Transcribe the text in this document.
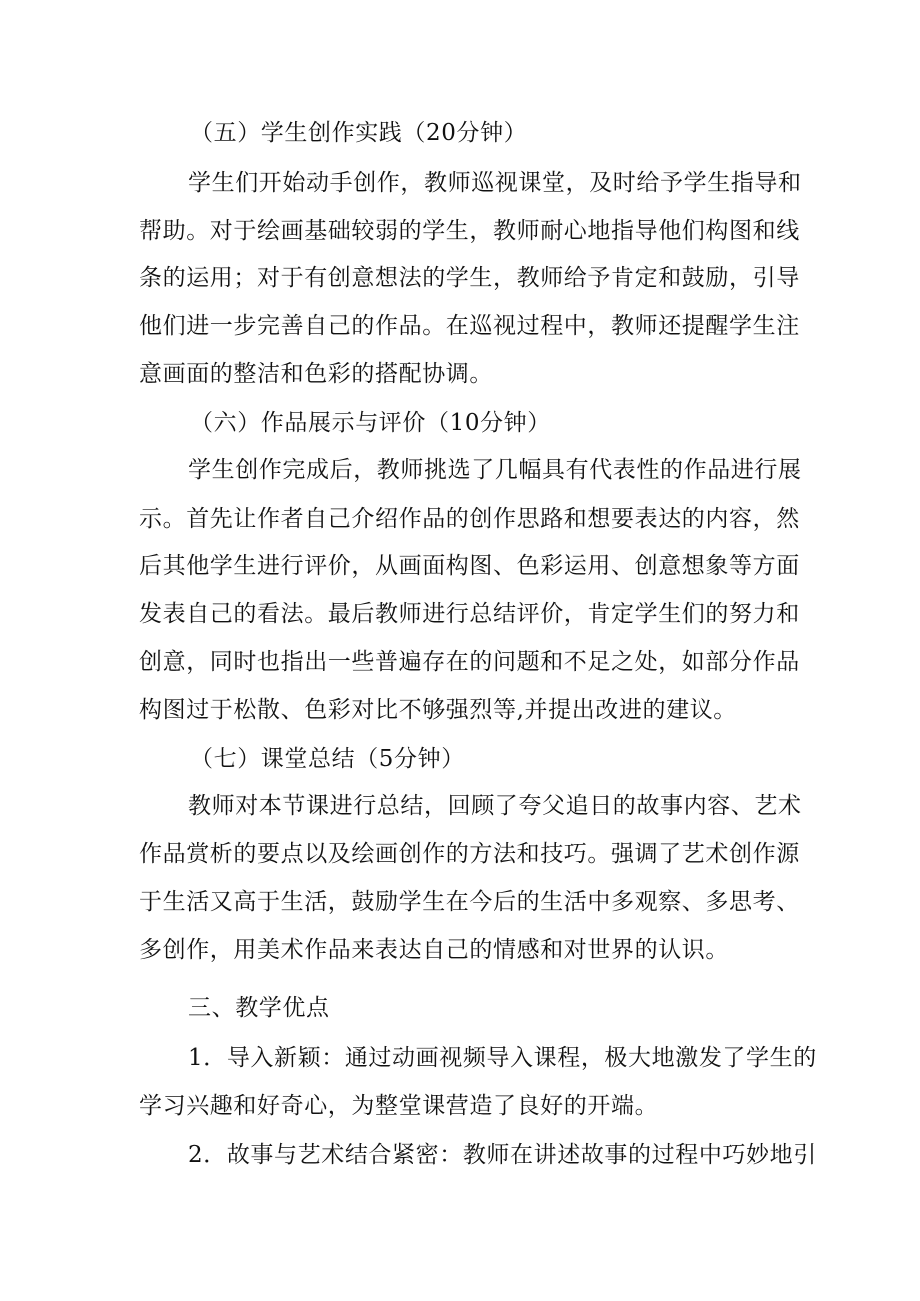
（五）学生创作实践（20分钟）
学生们开始动手创作，教师巡视课堂，及时给予学生指导和
帮助。对于绘画基础较弱的学生，教师耐心地指导他们构图和线
条的运用；对于有创意想法的学生，教师给予肯定和鼓励，引导
他们进一步完善自己的作品。在巡视过程中，教师还提醒学生注
意画面的整洁和色彩的搭配协调。
（六）作品展示与评价（10分钟）
学生创作完成后，教师挑选了几幅具有代表性的作品进行展
示。首先让作者自己介绍作品的创作思路和想要表达的内容，然
后其他学生进行评价，从画面构图、色彩运用、创意想象等方面
发表自己的看法。最后教师进行总结评价，肯定学生们的努力和
创意，同时也指出一些普遍存在的问题和不足之处，如部分作品
构图过于松散、色彩对比不够强烈等,并提出改进的建议。
（七）课堂总结（5分钟）
教师对本节课进行总结，回顾了夸父追日的故事内容、艺术
作品赏析的要点以及绘画创作的方法和技巧。强调了艺术创作源
于生活又高于生活，鼓励学生在今后的生活中多观察、多思考、
多创作，用美术作品来表达自己的情感和对世界的认识。
三、教学优点
1．导入新颖：通过动画视频导入课程，极大地激发了学生的
学习兴趣和好奇心，为整堂课营造了良好的开端。
2．故事与艺术结合紧密：教师在讲述故事的过程中巧妙地引
